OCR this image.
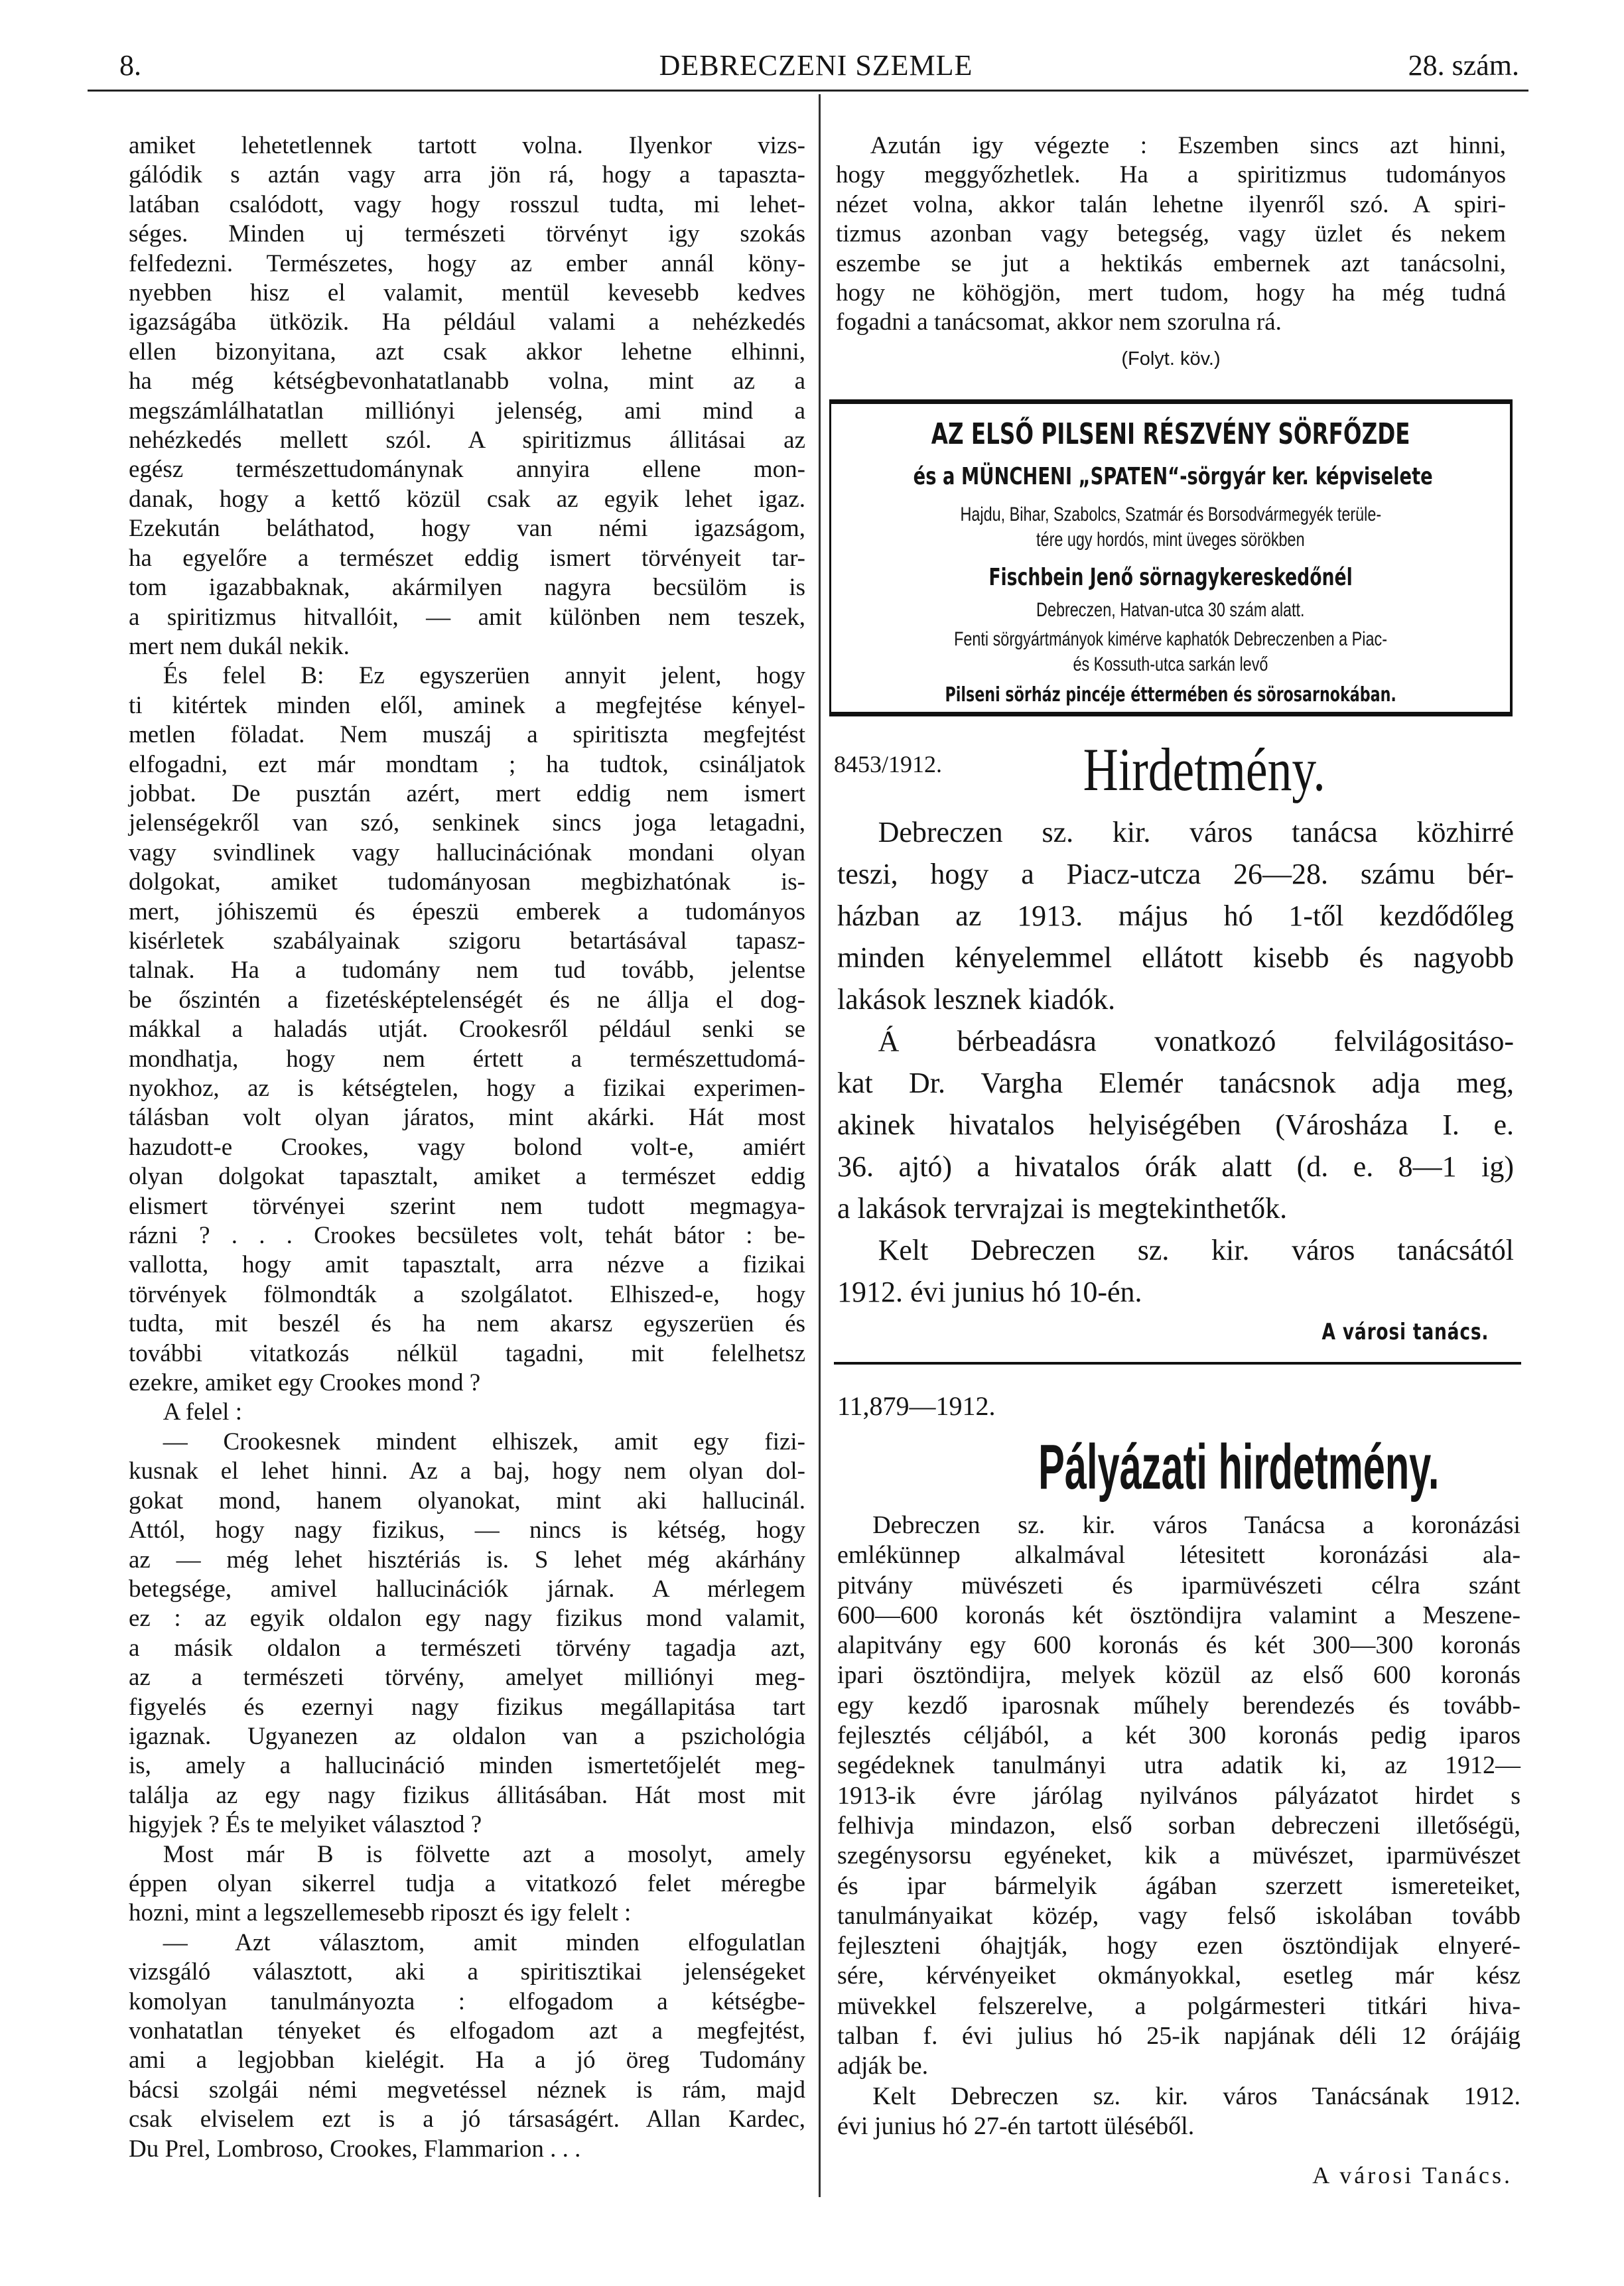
8.	DEBRECZENI SZEMLE	28. szám.
amiket lehetetlennek tartott volna. Ilyenkor vizs-
gálódik s aztán vagy arra jön rá, hogy a tapaszta-
latában csalódott, vagy hogy rosszul tudta, mi lehet-
séges. Minden uj természeti törvényt igy szokás
felfedezni. Természetes, hogy az ember annál köny-
nyebben hisz el valamit, mentül kevesebb kedves
igazságába ütközik. Ha például valami a nehézkedés
ellen bizonyitana, azt csak akkor lehetne elhinni,
ha még kétségbevonhatatlanabb volna, mint az a
megszámlálhatatlan milliónyi jelenség, ami mind a
nehézkedés mellett szól. A spiritizmus állitásai az
egész természettudománynak annyira ellene mon-
danak, hogy a kettő közül csak az egyik lehet igaz.
Ezekután beláthatod, hogy van némi igazságom,
ha egyelőre a természet eddig ismert törvényeit tar-
tom igazabbaknak, akármilyen nagyra becsülöm is
a spiritizmus hitvallóit, — amit különben nem teszek,
mert nem dukál nekik.
És felel B: Ez egyszerüen annyit jelent, hogy
ti kitértek minden elől, aminek a megfejtése kényel-
metlen föladat. Nem muszáj a spiritiszta megfejtést
elfogadni, ezt már mondtam ; ha tudtok, csináljatok
jobbat. De pusztán azért, mert eddig nem ismert
jelenségekről van szó, senkinek sincs joga letagadni,
vagy svindlinek vagy hallucinációnak mondani olyan
dolgokat, amiket tudományosan megbizhatónak is-
mert, jóhiszemü és épeszü emberek a tudományos
kisérletek szabályainak szigoru betartásával tapasz-
talnak. Ha a tudomány nem tud tovább, jelentse
be őszintén a fizetésképtelenségét és ne állja el dog-
mákkal a haladás utját. Crookesről például senki se
mondhatja, hogy nem értett a természettudomá-
nyokhoz, az is kétségtelen, hogy a fizikai experimen-
tálásban volt olyan járatos, mint akárki. Hát most
hazudott-e Crookes, vagy bolond volt-e, amiért
olyan dolgokat tapasztalt, amiket a természet eddig
elismert törvényei szerint nem tudott megmagya-
rázni ? . . . Crookes becsületes volt, tehát bátor : be-
vallotta, hogy amit tapasztalt, arra nézve a fizikai
törvények fölmondták a szolgálatot. Elhiszed-e, hogy
tudta, mit beszél és ha nem akarsz egyszerüen és
további vitatkozás nélkül tagadni, mit felelhetsz
ezekre, amiket egy Crookes mond ?
A felel :
— Crookesnek mindent elhiszek, amit egy fizi-
kusnak el lehet hinni. Az a baj, hogy nem olyan dol-
gokat mond, hanem olyanokat, mint aki hallucinál.
Attól, hogy nagy fizikus, — nincs is kétség, hogy
az — még lehet hisztériás is. S lehet még akárhány
betegsége, amivel hallucinációk járnak. A mérlegem
ez : az egyik oldalon egy nagy fizikus mond valamit,
a másik oldalon a természeti törvény tagadja azt,
az a természeti törvény, amelyet milliónyi meg-
figyelés és ezernyi nagy fizikus megállapitása tart
igaznak. Ugyanezen az oldalon van a pszichológia
is, amely a hallucináció minden ismertetőjelét meg-
találja az egy nagy fizikus állitásában. Hát most mit
higyjek ? És te melyiket választod ?
Most már B is fölvette azt a mosolyt, amely
éppen olyan sikerrel tudja a vitatkozó felet méregbe
hozni, mint a legszellemesebb riposzt és igy felelt :
— Azt választom, amit minden elfogulatlan
vizsgáló választott, aki a spiritisztikai jelenségeket
komolyan tanulmányozta : elfogadom a kétségbe-
vonhatatlan tényeket és elfogadom azt a megfejtést,
ami a legjobban kielégit. Ha a jó öreg Tudomány
bácsi szolgái némi megvetéssel néznek is rám, majd
csak elviselem ezt is a jó társaságért. Allan Kardec,
Du Prel, Lombroso, Crookes, Flammarion . . .
Azután igy végezte : Eszemben sincs azt hinni,
hogy meggyőzhetlek. Ha a spiritizmus tudományos
nézet volna, akkor talán lehetne ilyenről szó. A spiri-
tizmus azonban vagy betegség, vagy üzlet és nekem
eszembe se jut a hektikás embernek azt tanácsolni,
hogy ne köhögjön, mert tudom, hogy ha még tudná
fogadni a tanácsomat, akkor nem szorulna rá.
(Folyt. köv.)
AZ ELSŐ PILSENI RÉSZVÉNY SÖRFŐZDE
és a MÜNCHENI „SPATEN“-sörgyár ker. képviselete
Hajdu, Bihar, Szabolcs, Szatmár és Borsodvármegyék terüle-
tére ugy hordós, mint üveges sörökben
Fischbein Jenő sörnagykereskedőnél
Debreczen, Hatvan-utca 30 szám alatt.
Fenti sörgyártmányok kimérve kaphatók Debreczenben a Piac-
és Kossuth-utca sarkán levő
Pilseni sörház pincéje éttermében és sörosarnokában.
8453/1912.	Hirdetmény.
Debreczen sz. kir. város tanácsa közhirré
teszi, hogy a Piacz-utcza 26—28. számu bér-
házban az 1913. május hó 1-től kezdődőleg
minden kényelemmel ellátott kisebb és nagyobb
lakások lesznek kiadók.
Á bérbeadásra vonatkozó felvilágositáso-
kat Dr. Vargha Elemér tanácsnok adja meg,
akinek hivatalos helyiségében (Városháza I. e.
36. ajtó) a hivatalos órák alatt (d. e. 8—1 ig)
a lakások tervrajzai is megtekinthetők.
Kelt Debreczen sz. kir. város tanácsától
1912. évi junius hó 10-én.
A városi tanács.
11,879—1912.
Pályázati hirdetmény.
Debreczen sz. kir. város Tanácsa a koronázási
emlékünnep alkalmával létesitett koronázási ala-
pitvány müvészeti és iparmüvészeti célra szánt
600—600 koronás két ösztöndijra valamint a Meszene-
alapitvány egy 600 koronás és két 300—300 koronás
ipari ösztöndijra, melyek közül az első 600 koronás
egy kezdő iparosnak műhely berendezés és tovább-
fejlesztés céljából, a két 300 koronás pedig iparos
segédeknek tanulmányi utra adatik ki, az 1912—
1913-ik évre járólag nyilvános pályázatot hirdet s
felhivja mindazon, első sorban debreczeni illetőségü,
szegénysorsu egyéneket, kik a müvészet, iparmüvészet
és ipar bármelyik ágában szerzett ismereteiket,
tanulmányaikat közép, vagy felső iskolában tovább
fejleszteni óhajtják, hogy ezen ösztöndijak elnyeré-
sére, kérvényeiket okmányokkal, esetleg már kész
müvekkel felszerelve, a polgármesteri titkári hiva-
talban f. évi julius hó 25-ik napjának déli 12 órájáig
adják be.
Kelt Debreczen sz. kir. város Tanácsának 1912.
évi junius hó 27-én tartott üléséből.
A városi Tanács.
